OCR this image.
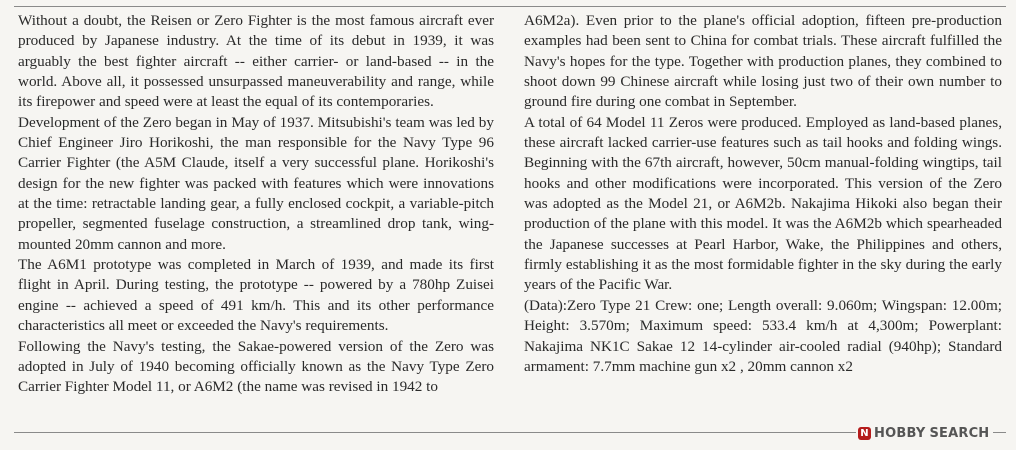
Without a doubt, the Reisen or Zero Fighter is the most famous aircraft ever produced by Japanese industry. At the time of its debut in 1939, it was arguably the best fighter aircraft -- either carrier- or land-based -- in the world. Above all, it possessed unsurpassed maneuverability and range, while its firepower and speed were at least the equal of its contemporaries.

Development of the Zero began in May of 1937. Mitsubishi's team was led by Chief Engineer Jiro Horikoshi, the man responsible for the Navy Type 96 Carrier Fighter (the A5M Claude, itself a very successful plane. Horikoshi's design for the new fighter was packed with features which were innovations at the time: retractable landing gear, a fully enclosed cockpit, a variable-pitch propeller, segmented fuselage construction, a streamlined drop tank, wing-mounted 20mm cannon and more.

The A6M1 prototype was completed in March of 1939, and made its first flight in April. During testing, the prototype -- powered by a 780hp Zuisei engine -- achieved a speed of 491 km/h. This and its other performance characteristics all meet or exceeded the Navy's requirements.

Following the Navy's testing, the Sakae-powered version of the Zero was adopted in July of 1940 becoming officially known as the Navy Type Zero Carrier Fighter Model 11, or A6M2 (the name was revised in 1942 to

A6M2a). Even prior to the plane's official adoption, fifteen pre-production examples had been sent to China for combat trials. These aircraft fulfilled the Navy's hopes for the type. Together with production planes, they combined to shoot down 99 Chinese aircraft while losing just two of their own number to ground fire during one combat in September.

A total of 64 Model 11 Zeros were produced. Employed as land-based planes, these aircraft lacked carrier-use features such as tail hooks and folding wings. Beginning with the 67th aircraft, however, 50cm manual-folding wingtips, tail hooks and other modifications were incorporated. This version of the Zero was adopted as the Model 21, or A6M2b. Nakajima Hikoki also began their production of the plane with this model. It was the A6M2b which spearheaded the Japanese successes at Pearl Harbor, Wake, the Philippines and others, firmly establishing it as the most formidable fighter in the sky during the early years of the Pacific War.

(Data):Zero Type 21 Crew: one; Length overall: 9.060m; Wingspan: 12.00m; Height: 3.570m; Maximum speed: 533.4 km/h at 4,300m; Powerplant: Nakajima NK1C Sakae 12 14-cylinder air-cooled radial (940hp); Standard armament: 7.7mm machine gun x2 , 20mm cannon x2

N HOBBY SEARCH
